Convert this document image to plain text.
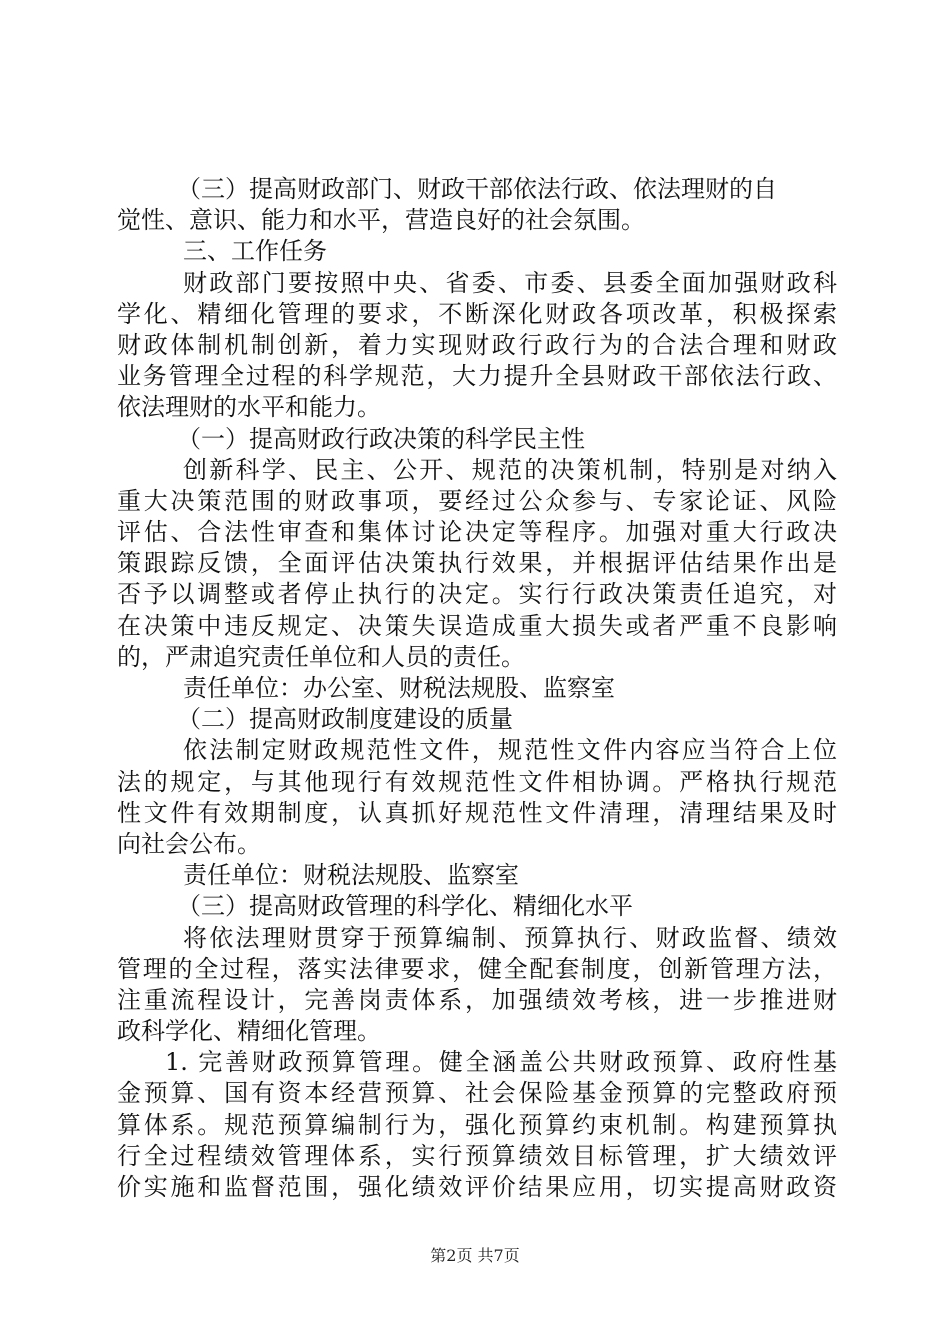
（三）提高财政部门、财政干部依法行政、依法理财的自
觉性、意识、能力和水平，营造良好的社会氛围。
三、工作任务
财政部门要按照中央、省委、市委、县委全面加强财政科
学化、精细化管理的要求，不断深化财政各项改革，积极探索
财政体制机制创新，着力实现财政行政行为的合法合理和财政
业务管理全过程的科学规范，大力提升全县财政干部依法行政、
依法理财的水平和能力。
（一）提高财政行政决策的科学民主性
创新科学、民主、公开、规范的决策机制，特别是对纳入
重大决策范围的财政事项，要经过公众参与、专家论证、风险
评估、合法性审查和集体讨论决定等程序。加强对重大行政决
策跟踪反馈，全面评估决策执行效果，并根据评估结果作出是
否予以调整或者停止执行的决定。实行行政决策责任追究，对
在决策中违反规定、决策失误造成重大损失或者严重不良影响
的，严肃追究责任单位和人员的责任。
责任单位：办公室、财税法规股、监察室
（二）提高财政制度建设的质量
依法制定财政规范性文件，规范性文件内容应当符合上位
法的规定，与其他现行有效规范性文件相协调。严格执行规范
性文件有效期制度，认真抓好规范性文件清理，清理结果及时
向社会公布。
责任单位：财税法规股、监察室
（三）提高财政管理的科学化、精细化水平
将依法理财贯穿于预算编制、预算执行、财政监督、绩效
管理的全过程，落实法律要求，健全配套制度，创新管理方法，
注重流程设计，完善岗责体系，加强绩效考核，进一步推进财
政科学化、精细化管理。
1. 完善财政预算管理。健全涵盖公共财政预算、政府性基
金预算、国有资本经营预算、社会保险基金预算的完整政府预
算体系。规范预算编制行为，强化预算约束机制。构建预算执
行全过程绩效管理体系，实行预算绩效目标管理，扩大绩效评
价实施和监督范围，强化绩效评价结果应用，切实提高财政资
第2页 共7页
